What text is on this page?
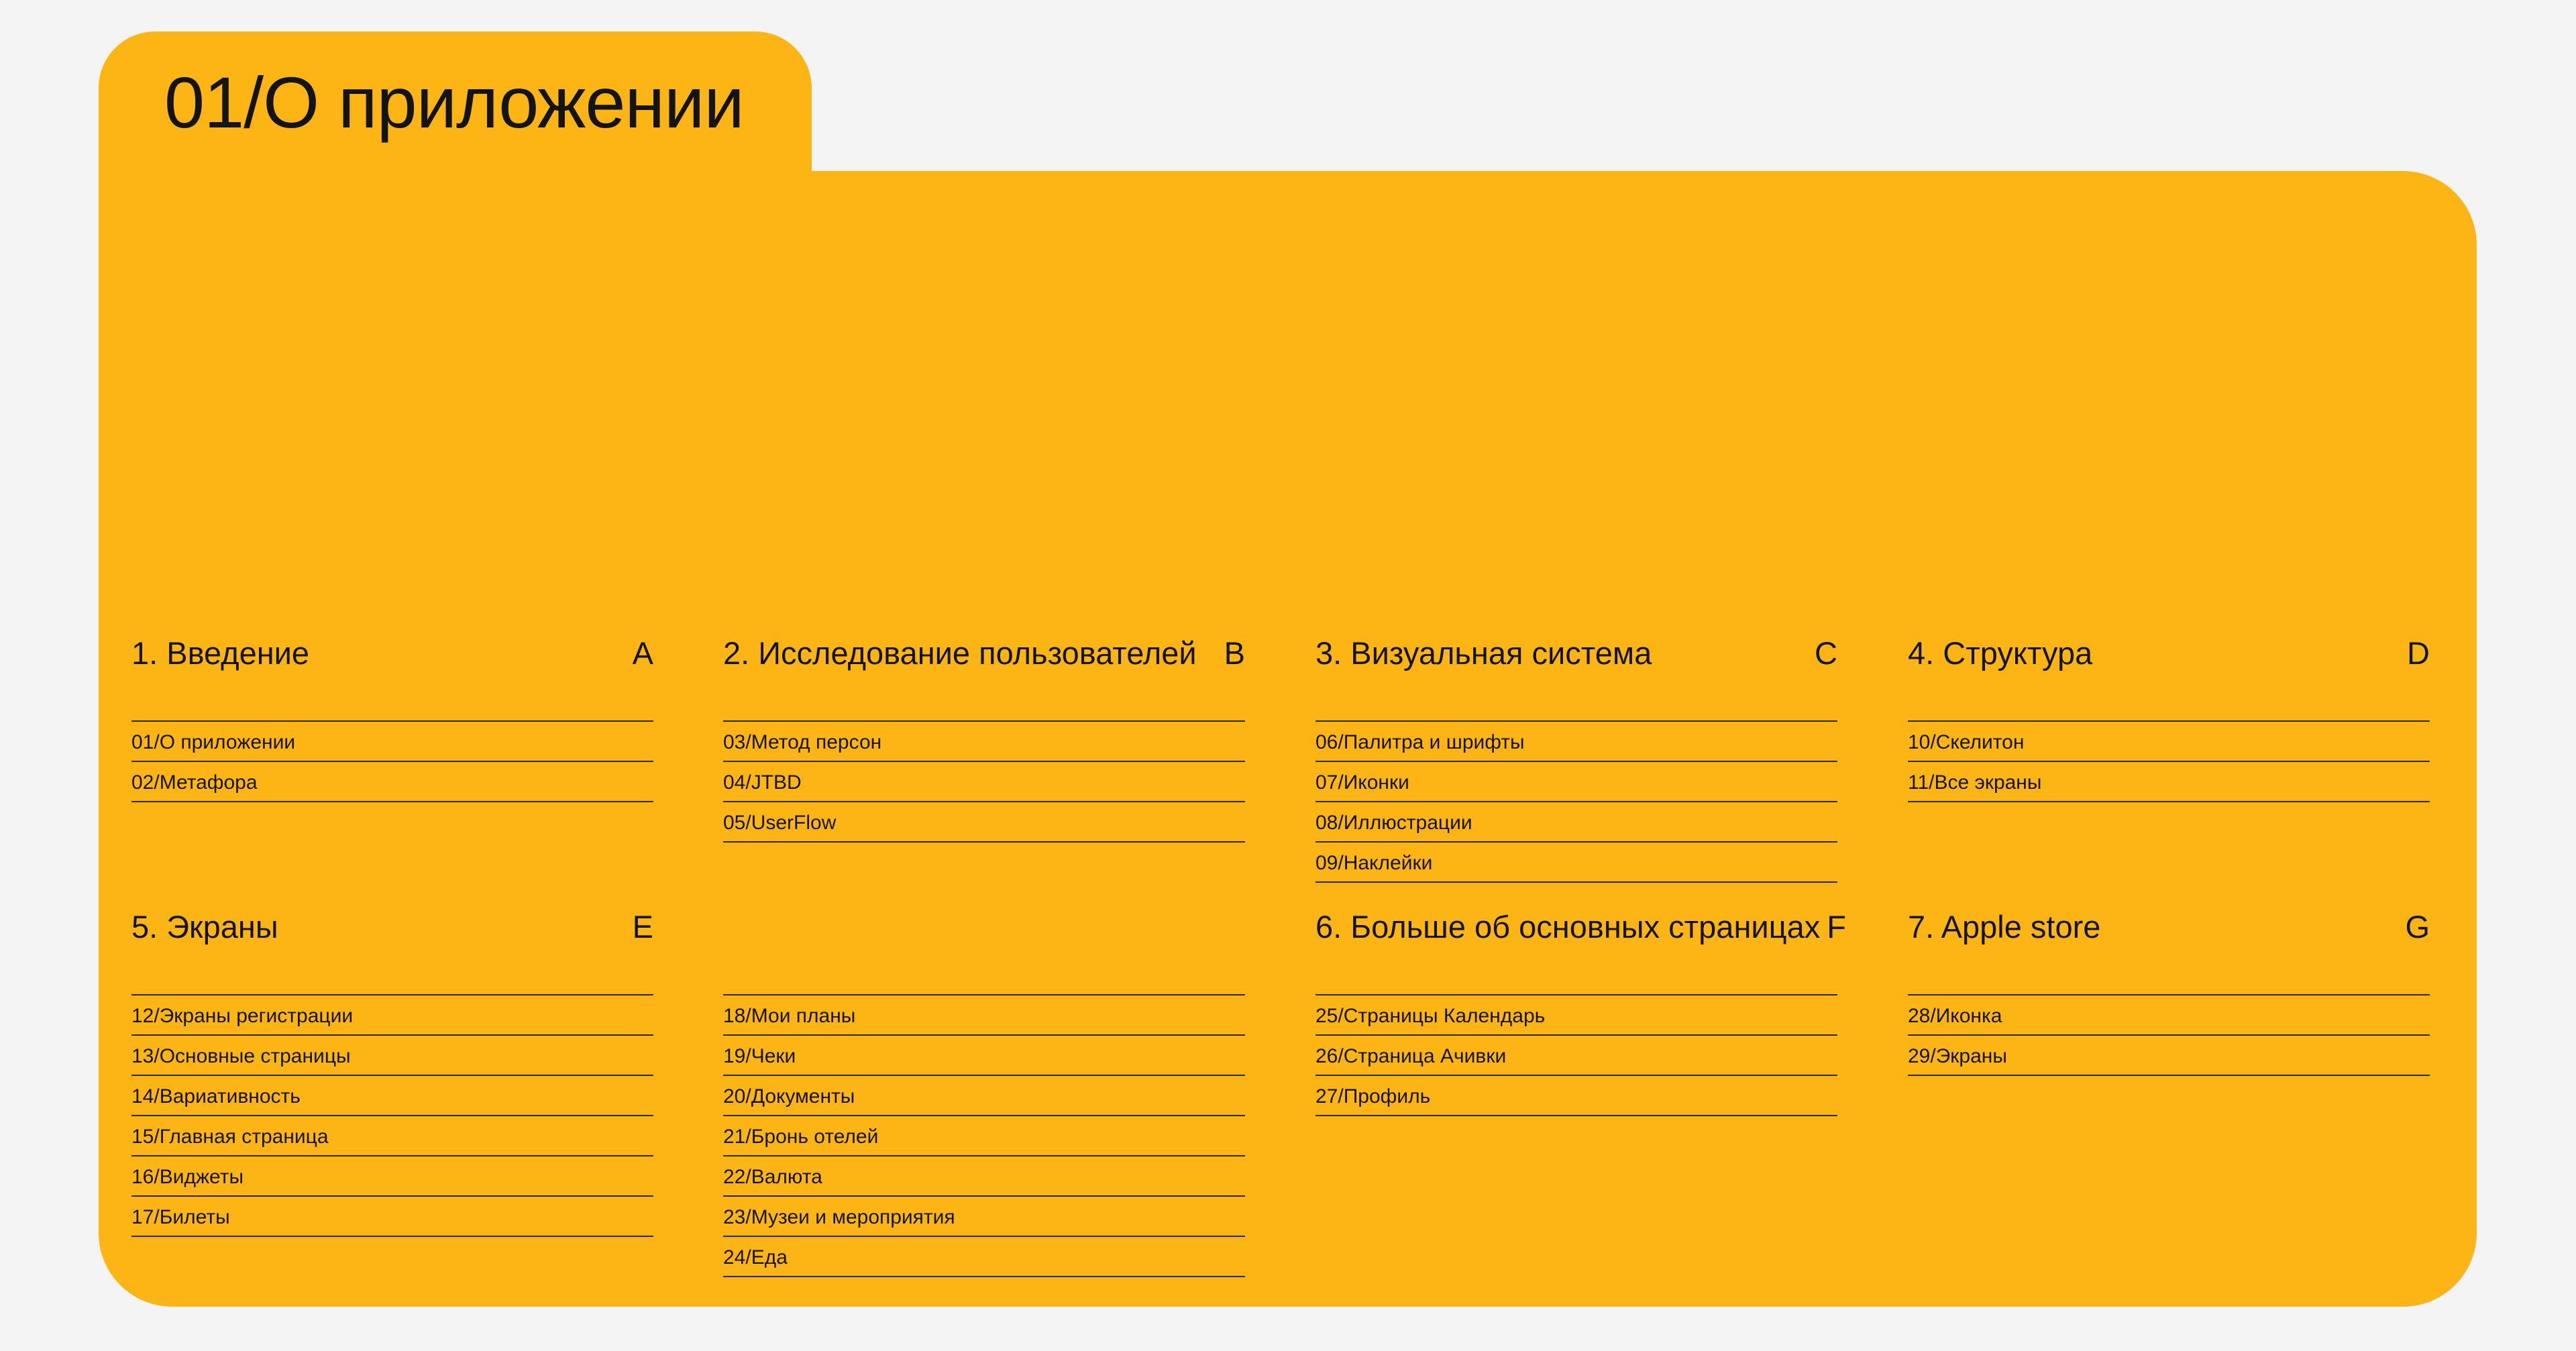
01/О приложении
1. Введение	A
01/О приложении
02/Метафора
2. Исследование пользователей B
03/Метод персон
04/JTBD
05/UserFlow
3. Визуальная система	C
06/Палитра и шрифты
07/Иконки
08/Иллюстрации
09/Наклейки
4. Структура	D
10/Скелитон
11/Все экраны
5. Экраны	E
12/Экраны регистрации
13/Основные страницы
14/Вариативность
15/Главная страница
16/Виджеты
17/Билеты
18/Мои планы
19/Чеки
20/Документы
21/Бронь отелей
22/Валюта
23/Музеи и мероприятия
24/Еда
6. Больше об основных страницах F
25/Страницы Календарь
26/Страница Ачивки
27/Профиль
7. Apple store	G
28/Иконка
29/Экраны
